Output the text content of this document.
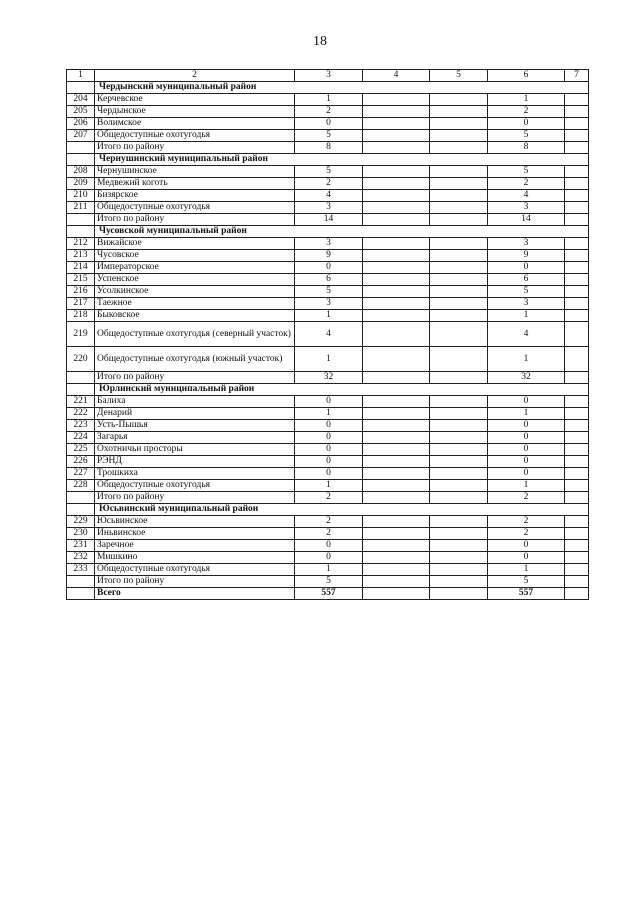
18
1	2	3	4	5	6	7
	Чердынский муниципальный район					
204	Керчевское	1			1	
205	Чердынское	2			2	
206	Волимское	0			0	
207	Общедоступные охотугодья	5			5	
	Итого по району	8			8	
	Чернушинский муниципальный район					
208	Чернушинское	5			5	
209	Медвежий коготь	2			2	
210	Бизярское	4			4	
211	Общедоступные охотугодья	3			3	
	Итого по району	14			14	
	Чусовской муниципальный район					
212	Вижайское	3			3	
213	Чусовское	9			9	
214	Императорское	0			0	
215	Успенское	6			6	
216	Усолкинское	5			5	
217	Таежное	3			3	
218	Быковское	1			1	
219	Общедоступные охотугодья (северный участок)	4			4	
220	Общедоступные охотугодья (южный участок)	1			1	
	Итого по району	32			32	
	Юрлинский муниципальный район					
221	Балиха	0			0	
222	Денарий	1			1	
223	Усть-Пышья	0			0	
224	Загарья	0			0	
225	Охотничьи просторы	0			0	
226	РЭНД	0			0	
227	Трошкиха	0			0	
228	Общедоступные охотугодья	1			1	
	Итого по району	2			2	
	Юсьвинский муниципальный район					
229	Юсьвинское	2			2	
230	Иньвинское	2			2	
231	Заречное	0			0	
232	Мишкино	0			0	
233	Общедоступные охотугодья	1			1	
	Итого по району	5			5	
	Всего	557			557	
